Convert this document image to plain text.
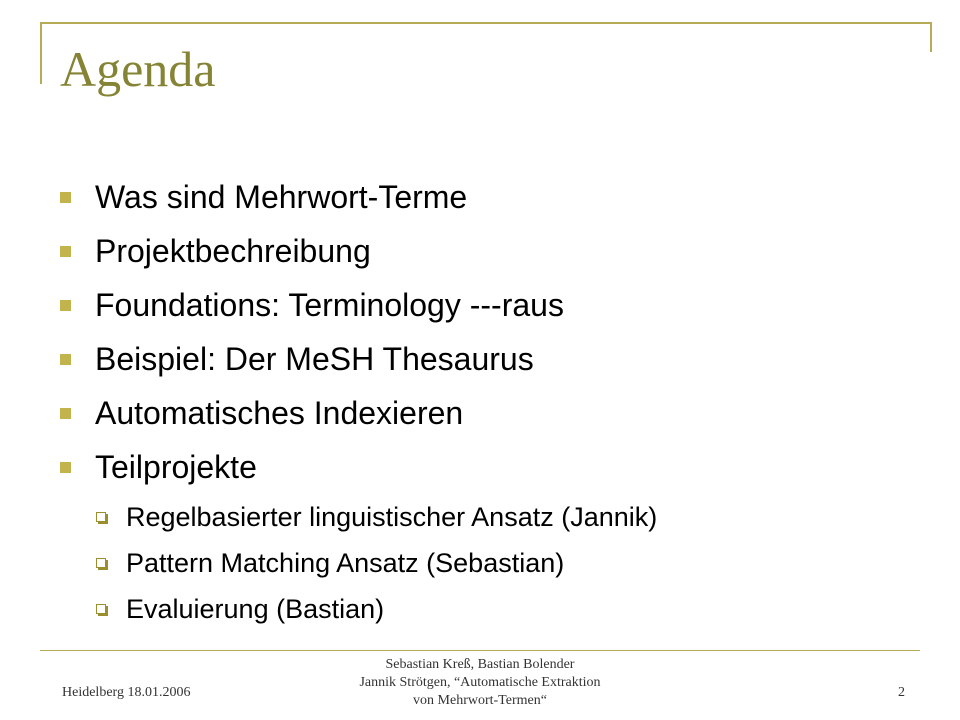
Agenda
Was sind Mehrwort-Terme
Projektbechreibung
Foundations: Terminology ---raus
Beispiel: Der MeSH Thesaurus
Automatisches Indexieren
Teilprojekte
Regelbasierter linguistischer Ansatz (Jannik)
Pattern Matching Ansatz (Sebastian)
Evaluierung (Bastian)
Heidelberg 18.01.2006
Sebastian Kreß, Bastian Bolender
Jannik Strötgen, “Automatische Extraktion
von Mehrwort-Termen“
2
